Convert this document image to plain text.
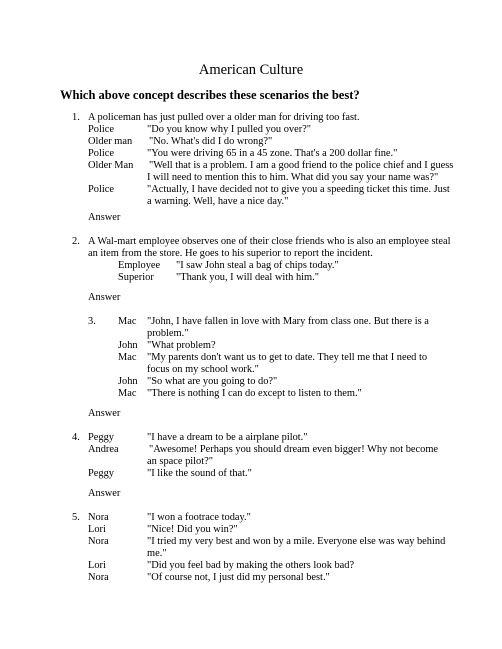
American Culture
Which above concept describes these scenarios the best?
1. A policeman has just pulled over a older man for driving too fast.
Police	"Do you know why I pulled you over?"
Older man "No. What's did I do wrong?"
Police	"You were driving 65 in a 45 zone. That's a 200 dollar fine."
Older Man "Well that is a problem. I am a good friend to the police chief and I guess
I will need to mention this to him. What did you say your name was?"
Police	"Actually, I have decided not to give you a speeding ticket this time. Just
a warning. Well, have a nice day."
Answer
2. A Wal-mart employee observes one of their close friends who is also an employee steal
an item from the store. He goes to his superior to report the incident.
Employee "I saw John steal a bag of chips today."
Superior "Thank you, I will deal with him."
Answer
3. Mac "John, I have fallen in love with Mary from class one. But there is a
problem."
John "What problem?
Mac "My parents don't want us to get to date. They tell me that I need to
focus on my school work."
John "So what are you going to do?"
Mac "There is nothing I can do except to listen to them."
Answer
4. Peggy	"I have a dream to be a airplane pilot."
Andrea	"Awesome! Perhaps you should dream even bigger! Why not become
an space pilot?"
Peggy	"I like the sound of that."
Answer
5. Nora	"I won a footrace today."
Lori	"Nice! Did you win?"
Nora	"I tried my very best and won by a mile. Everyone else was way behind
me."
Lori	"Did you feel bad by making the others look bad?
Nora	"Of course not, I just did my personal best."
